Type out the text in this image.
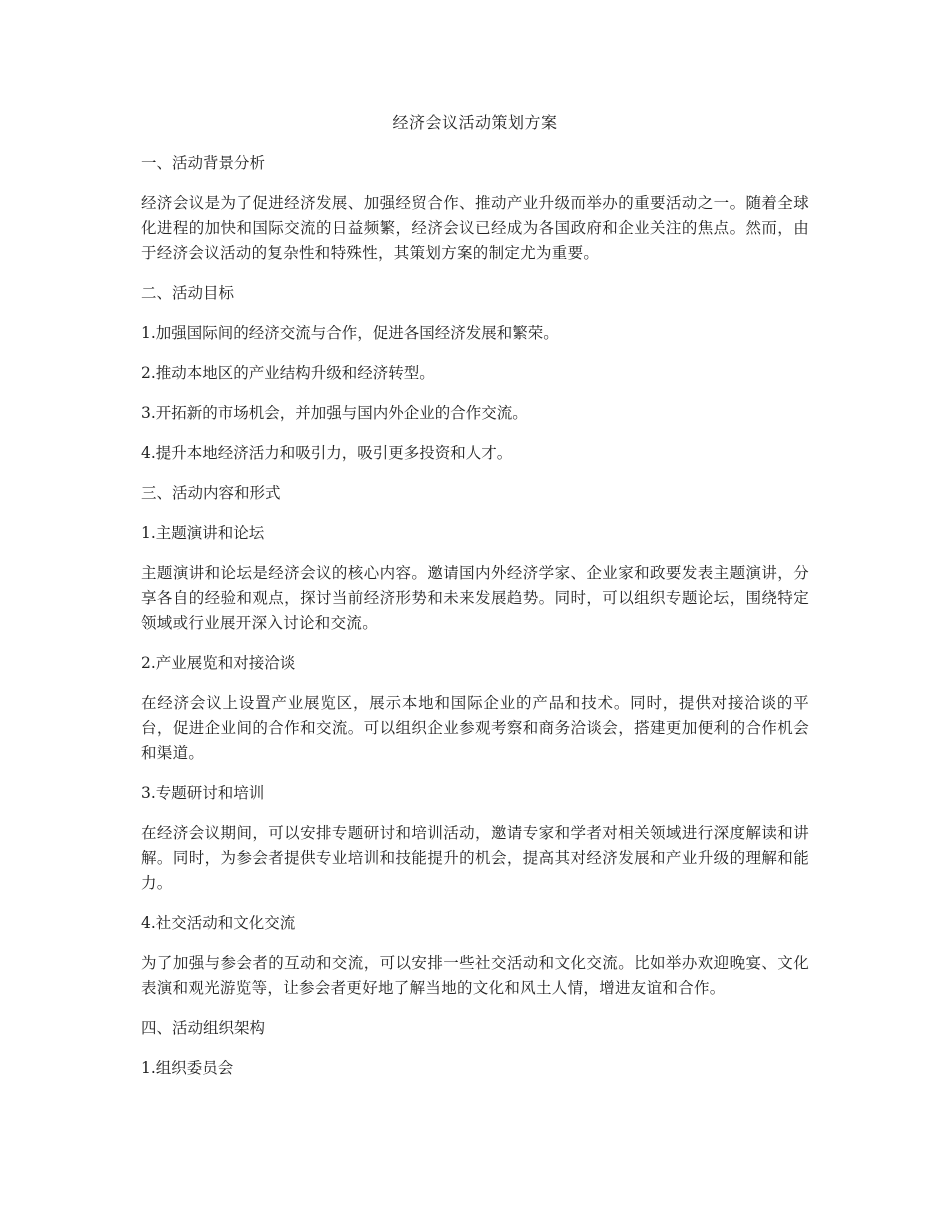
经济会议活动策划方案
一、活动背景分析

经济会议是为了促进经济发展、加强经贸合作、推动产业升级而举办的重要活动之一。随着全球化进程的加快和国际交流的日益频繁，经济会议已经成为各国政府和企业关注的焦点。然而，由于经济会议活动的复杂性和特殊性，其策划方案的制定尤为重要。

二、活动目标

1.加强国际间的经济交流与合作，促进各国经济发展和繁荣。

2.推动本地区的产业结构升级和经济转型。

3.开拓新的市场机会，并加强与国内外企业的合作交流。

4.提升本地经济活力和吸引力，吸引更多投资和人才。

三、活动内容和形式
1.主题演讲和论坛

主题演讲和论坛是经济会议的核心内容。邀请国内外经济学家、企业家和政要发表主题演讲，分享各自的经验和观点，探讨当前经济形势和未来发展趋势。同时，可以组织专题论坛，围绕特定领域或行业展开深入讨论和交流。

2.产业展览和对接洽谈

在经济会议上设置产业展览区，展示本地和国际企业的产品和技术。同时，提供对接洽谈的平台，促进企业间的合作和交流。可以组织企业参观考察和商务洽谈会，搭建更加便利的合作机会和渠道。

3.专题研讨和培训

在经济会议期间，可以安排专题研讨和培训活动，邀请专家和学者对相关领域进行深度解读和讲解。同时，为参会者提供专业培训和技能提升的机会，提高其对经济发展和产业升级的理解和能力。

4.社交活动和文化交流

为了加强与参会者的互动和交流，可以安排一些社交活动和文化交流。比如举办欢迎晚宴、文化表演和观光游览等，让参会者更好地了解当地的文化和风土人情，增进友谊和合作。

四、活动组织架构

1.组织委员会
